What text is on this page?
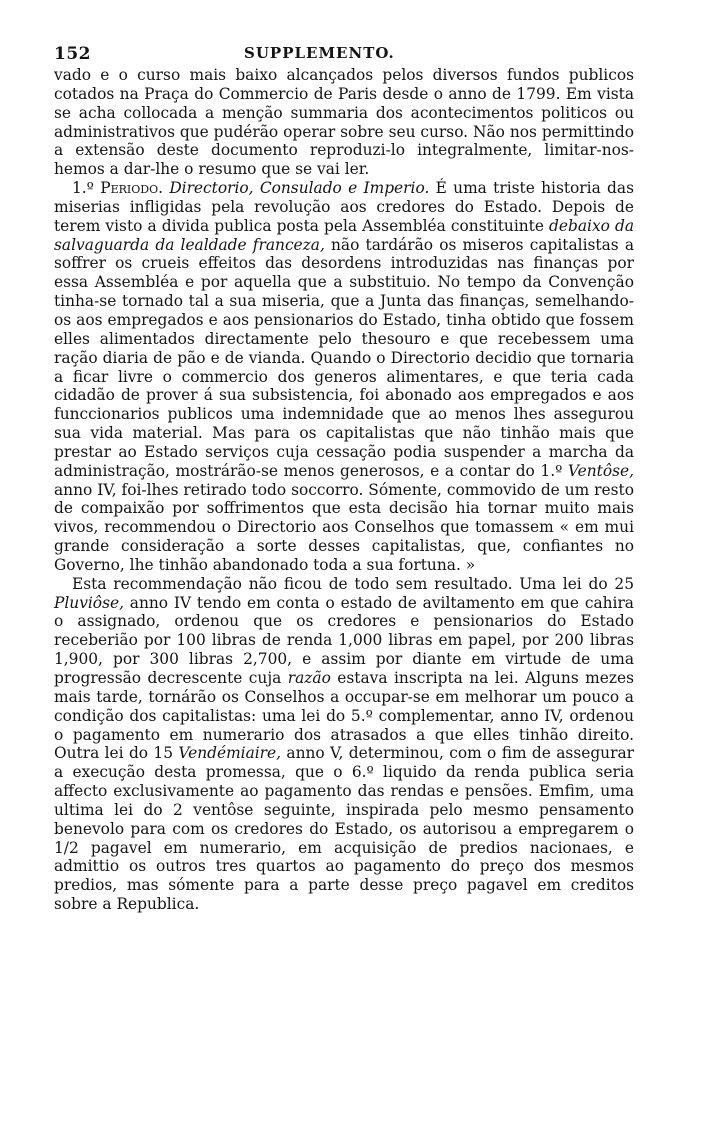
152	SUPPLEMENTO.

vado e o curso mais baixo alcançados pelos diversos fundos publicos cotados na Praça do Commercio de Paris desde o anno de 1799. Em vista se acha collocada a menção summaria dos acontecimentos politicos ou administrativos que pudérão operar sobre seu curso. Não nos permittindo a extensão deste documento reproduzi-lo integralmente, limitar-nos-hemos a dar-lhe o resumo que se vai ler.

1.º Periodo. Directorio, Consulado e Imperio. É uma triste historia das miserias infligidas pela revolução aos credores do Estado. Depois de terem visto a divida publica posta pela Assembléa constituinte debaixo da salvaguarda da lealdade franceza, não tardárão os miseros capitalistas a soffrer os crueis effeitos das desordens introduzidas nas finanças por essa Assembléa e por aquella que a substituio. No tempo da Convenção tinha-se tornado tal a sua miseria, que a Junta das finanças, semelhando-os aos empregados e aos pensionarios do Estado, tinha obtido que fossem elles alimentados directamente pelo thesouro e que recebessem uma ração diaria de pão e de vianda. Quando o Directorio decidio que tornaria a ficar livre o commercio dos generos alimentares, e que teria cada cidadão de prover á sua subsistencia, foi abonado aos empregados e aos funccionarios publicos uma indemnidade que ao menos lhes assegurou sua vida material. Mas para os capitalistas que não tinhão mais que prestar ao Estado serviços cuja cessação podia suspender a marcha da administração, mostrárão-se menos generosos, e a contar do 1.º Ventôse, anno IV, foi-lhes retirado todo soccorro. Sómente, commovido de um resto de compaixão por soffrimentos que esta decisão hia tornar muito mais vivos, recommendou o Directorio aos Conselhos que tomassem « em mui grande consideração a sorte desses capitalistas, que, confiantes no Governo, lhe tinhão abandonado toda a sua fortuna. »

Esta recommendação não ficou de todo sem resultado. Uma lei do 25 Pluviôse, anno IV tendo em conta o estado de aviltamento em que cahira o assignado, ordenou que os credores e pensionarios do Estado receberião por 100 libras de renda 1,000 libras em papel, por 200 libras 1,900, por 300 libras 2,700, e assim por diante em virtude de uma progressão decrescente cuja razão estava inscripta na lei. Alguns mezes mais tarde, tornárão os Conselhos a occupar-se em melhorar um pouco a condição dos capitalistas: uma lei do 5.º complementar, anno IV, ordenou o pagamento em numerario dos atrasados a que elles tinhão direito. Outra lei do 15 Vendémiaire, anno V, determinou, com o fim de assegurar a execução desta promessa, que o 6.º liquido da renda publica seria affecto exclusivamente ao pagamento das rendas e pensões. Emfim, uma ultima lei do 2 ventôse seguinte, inspirada pelo mesmo pensamento benevolo para com os credores do Estado, os autorisou a empregarem o 1/2 pagavel em numerario, em acquisição de predios nacionaes, e admittio os outros tres quartos ao pagamento do preço dos mesmos predios, mas sómente para a parte desse preço pagavel em creditos sobre a Republica.
